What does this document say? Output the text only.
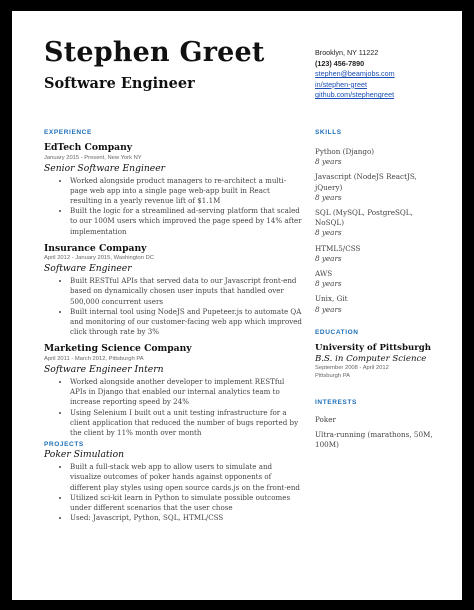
Stephen Greet
Software Engineer
Brooklyn, NY 11222
(123) 456-7890
stephen@beamjobs.com
in/stephen-greet
github.com/stephengreet
EXPERIENCE
EdTech Company
January 2015 - Present, New York NY
Senior Software Engineer
• Worked alongside product managers to re-architect a multi-page web app into a single page web-app built in React resulting in a yearly revenue lift of $1.1M
• Built the logic for a streamlined ad-serving platform that scaled to our 100M users which improved the page speed by 14% after implementation
Insurance Company
April 2012 - January 2015, Washington DC
Software Engineer
• Built RESTful APIs that served data to our Javascript front-end based on dynamically chosen user inputs that handled over 500,000 concurrent users
• Built internal tool using NodeJS and Pupeteer.js to automate QA and monitoring of our customer-facing web app which improved click through rate by 3%
Marketing Science Company
April 2011 - March 2012, Pittsburgh PA
Software Engineer Intern
• Worked alongside another developer to implement RESTful APIs in Django that enabled our internal analytics team to increase reporting speed by 24%
• Using Selenium I built out a unit testing infrastructure for a client application that reduced the number of bugs reported by the client by 11% month over month
PROJECTS
Poker Simulation
• Built a full-stack web app to allow users to simulate and visualize outcomes of poker hands against opponents of different play styles using open source cards.js on the front-end
• Utilized sci-kit learn in Python to simulate possible outcomes under different scenarios that the user chose
• Used: Javascript, Python, SQL, HTML/CSS
SKILLS
Python (Django)
8 years
Javascript (NodeJS ReactJS, jQuery)
8 years
SQL (MySQL, PostgreSQL, NoSQL)
8 years
HTML5/CSS
8 years
AWS
8 years
Unix, Git
8 years
EDUCATION
University of Pittsburgh
B.S. in Computer Science
September 2008 - April 2012
Pittsburgh PA
INTERESTS
Poker
Ultra-running (marathons, 50M, 100M)
